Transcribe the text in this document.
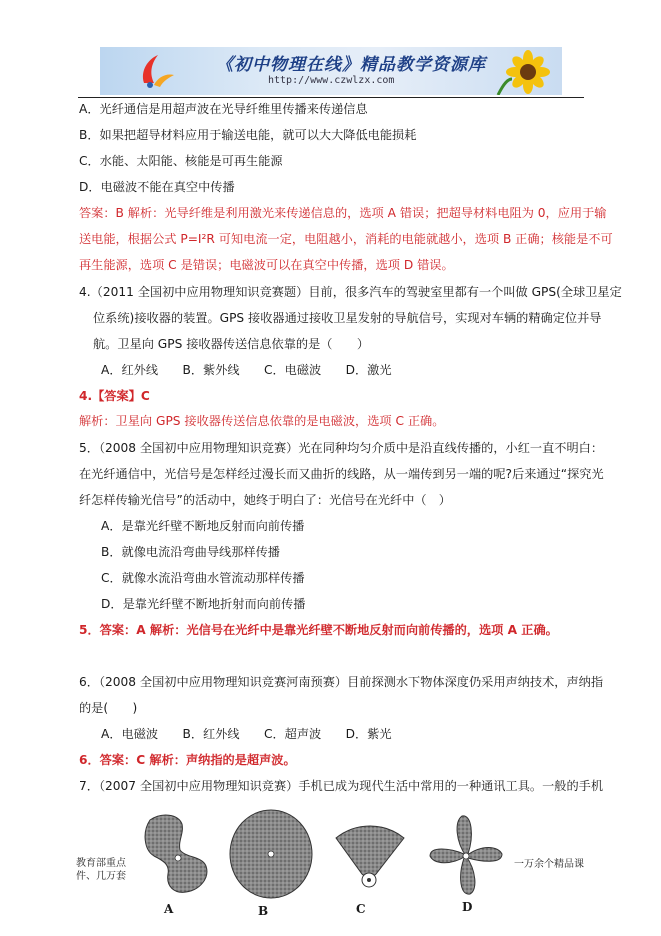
《初中物理在线》精品教学资源库
http://www.czwlzx.com
A．光纤通信是用超声波在光导纤维里传播来传递信息
B．如果把超导材料应用于输送电能，就可以大大降低电能损耗
C．水能、太阳能、核能是可再生能源
D．电磁波不能在真空中传播
答案：B 解析：光导纤维是利用激光来传递信息的，选项 A 错误；把超导材料电阻为 0，应用于输
送电能，根据公式 P=I²R 可知电流一定，电阻越小，消耗的电能就越小，选项 B 正确；核能是不可
再生能源，选项 C 是错误；电磁波可以在真空中传播，选项 D 错误。
4.（2011 全国初中应用物理知识竞赛题）目前，很多汽车的驾驶室里都有一个叫做 GPS(全球卫星定
位系统)接收器的装置。GPS 接收器通过接收卫星发射的导航信号，实现对车辆的精确定位并导
航。卫星向 GPS 接收器传送信息依靠的是（　　）
A．红外线　　B．紫外线　　C．电磁波　　D．激光
4.【答案】C
解析：卫星向 GPS 接收器传送信息依靠的是电磁波，选项 C 正确。
5．（2008 全国初中应用物理知识竞赛）光在同种均匀介质中是沿直线传播的，小红一直不明白：
在光纤通信中，光信号是怎样经过漫长而又曲折的线路，从一端传到另一端的呢?后来通过“探究光
纤怎样传输光信号”的活动中，她终于明白了：光信号在光纤中（　）
A．是靠光纤壁不断地反射而向前传播
B．就像电流沿弯曲导线那样传播
C．就像水流沿弯曲水管流动那样传播
D．是靠光纤壁不断地折射而向前传播
5．答案：A 解析：光信号在光纤中是靠光纤壁不断地反射而向前传播的，选项 A 正确。
6．（2008 全国初中应用物理知识竞赛河南预赛）目前探测水下物体深度仍采用声纳技术，声纳指
的是(　　)
A．电磁波　　B．红外线　　C．超声波　　D．紫光
6．答案：C 解析：声纳指的是超声波。
7．（2007 全国初中应用物理知识竞赛）手机已成为现代生活中常用的一种通讯工具。一般的手机
教育部重点
件、几万套
一万余个精品课
A	B	C	D
